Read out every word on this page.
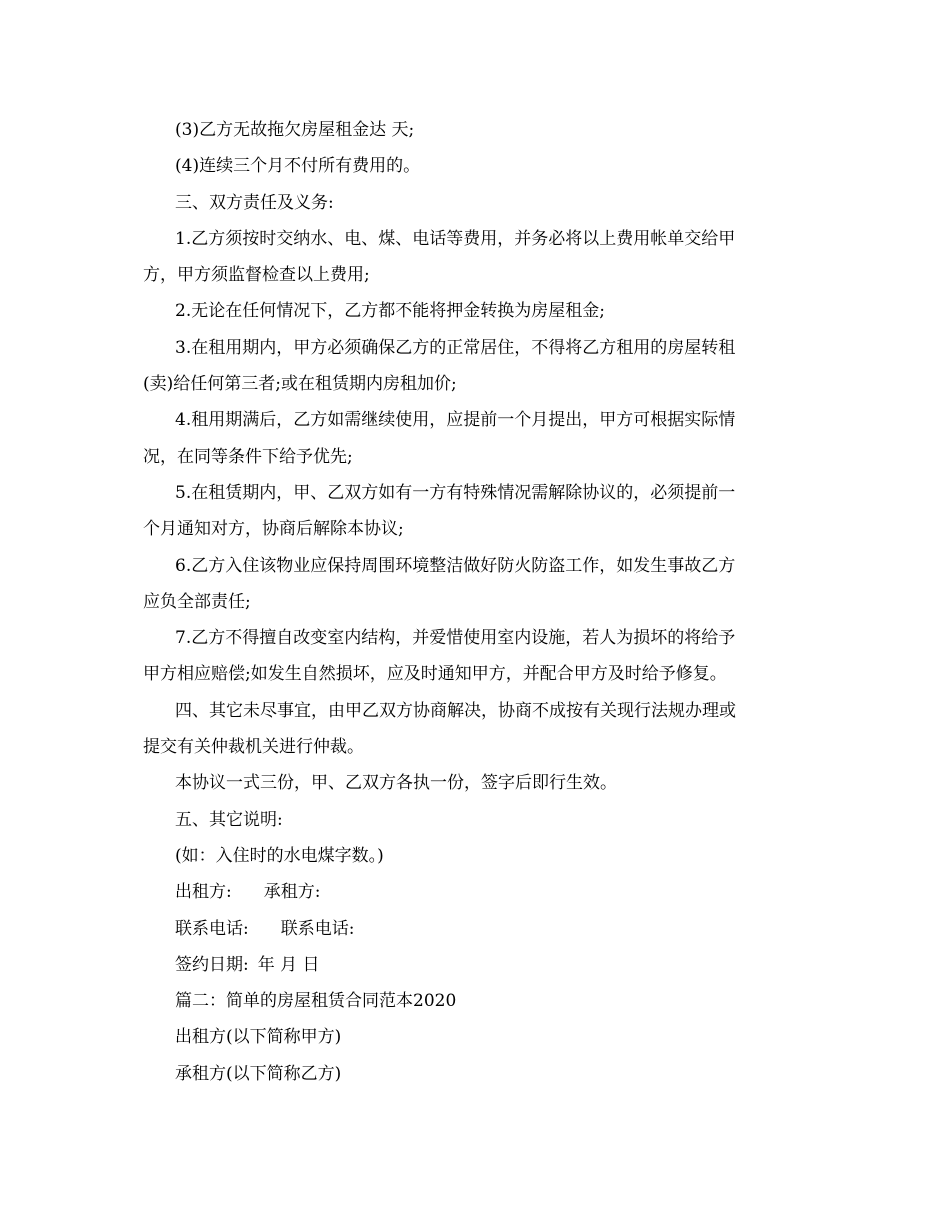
(3)乙方无故拖欠房屋租金达 天;

(4)连续三个月不付所有费用的。

三、双方责任及义务:

1.乙方须按时交纳水、电、煤、电话等费用，并务必将以上费用帐单交给甲

方，甲方须监督检查以上费用;

2.无论在任何情况下，乙方都不能将押金转换为房屋租金;

3.在租用期内，甲方必须确保乙方的正常居住，不得将乙方租用的房屋转租

(卖)给任何第三者;或在租赁期内房租加价;

4.租用期满后，乙方如需继续使用，应提前一个月提出，甲方可根据实际情

况，在同等条件下给予优先;

5.在租赁期内，甲、乙双方如有一方有特殊情况需解除协议的，必须提前一

个月通知对方，协商后解除本协议;

6.乙方入住该物业应保持周围环境整洁做好防火防盗工作，如发生事故乙方

应负全部责任;

7.乙方不得擅自改变室内结构，并爱惜使用室内设施，若人为损坏的将给予

甲方相应赔偿;如发生自然损坏，应及时通知甲方，并配合甲方及时给予修复。

四、其它未尽事宜，由甲乙双方协商解决，协商不成按有关现行法规办理或

提交有关仲裁机关进行仲裁。

本协议一式三份，甲、乙双方各执一份，签字后即行生效。

五、其它说明:

(如：入住时的水电煤字数。)

出租方: 承租方:

联系电话: 联系电话:

签约日期: 年 月 日

篇二：简单的房屋租赁合同范本2020

出租方(以下简称甲方)

承租方(以下简称乙方)
